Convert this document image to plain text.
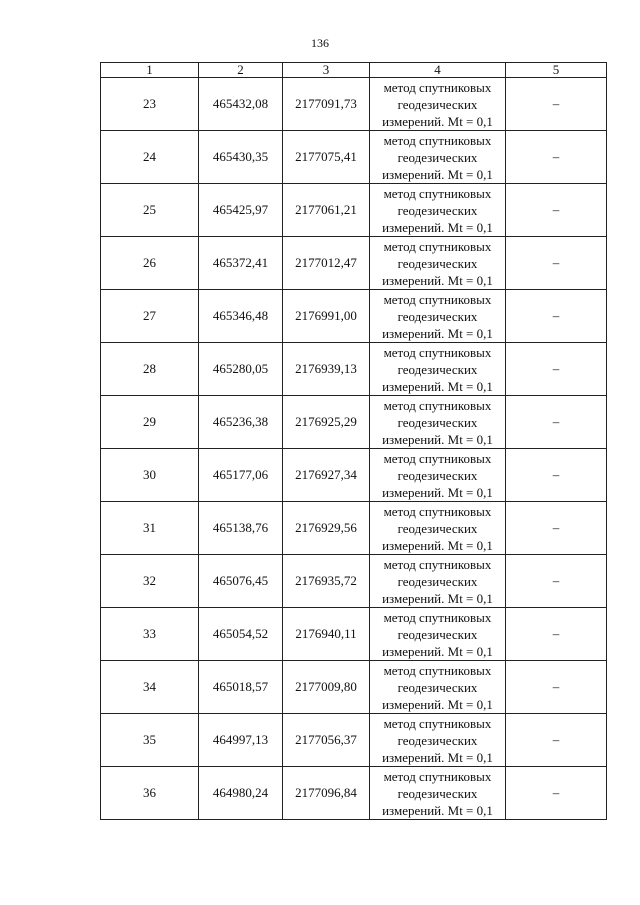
136
1	2	3	4	5
23	465432,08	2177091,73	метод спутниковых
геодезических
измерений. Mt = 0,1	–
24	465430,35	2177075,41	метод спутниковых
геодезических
измерений. Mt = 0,1	–
25	465425,97	2177061,21	метод спутниковых
геодезических
измерений. Mt = 0,1	–
26	465372,41	2177012,47	метод спутниковых
геодезических
измерений. Mt = 0,1	–
27	465346,48	2176991,00	метод спутниковых
геодезических
измерений. Mt = 0,1	–
28	465280,05	2176939,13	метод спутниковых
геодезических
измерений. Mt = 0,1	–
29	465236,38	2176925,29	метод спутниковых
геодезических
измерений. Mt = 0,1	–
30	465177,06	2176927,34	метод спутниковых
геодезических
измерений. Mt = 0,1	–
31	465138,76	2176929,56	метод спутниковых
геодезических
измерений. Mt = 0,1	–
32	465076,45	2176935,72	метод спутниковых
геодезических
измерений. Mt = 0,1	–
33	465054,52	2176940,11	метод спутниковых
геодезических
измерений. Mt = 0,1	–
34	465018,57	2177009,80	метод спутниковых
геодезических
измерений. Mt = 0,1	–
35	464997,13	2177056,37	метод спутниковых
геодезических
измерений. Mt = 0,1	–
36	464980,24	2177096,84	метод спутниковых
геодезических
измерений. Mt = 0,1	–
